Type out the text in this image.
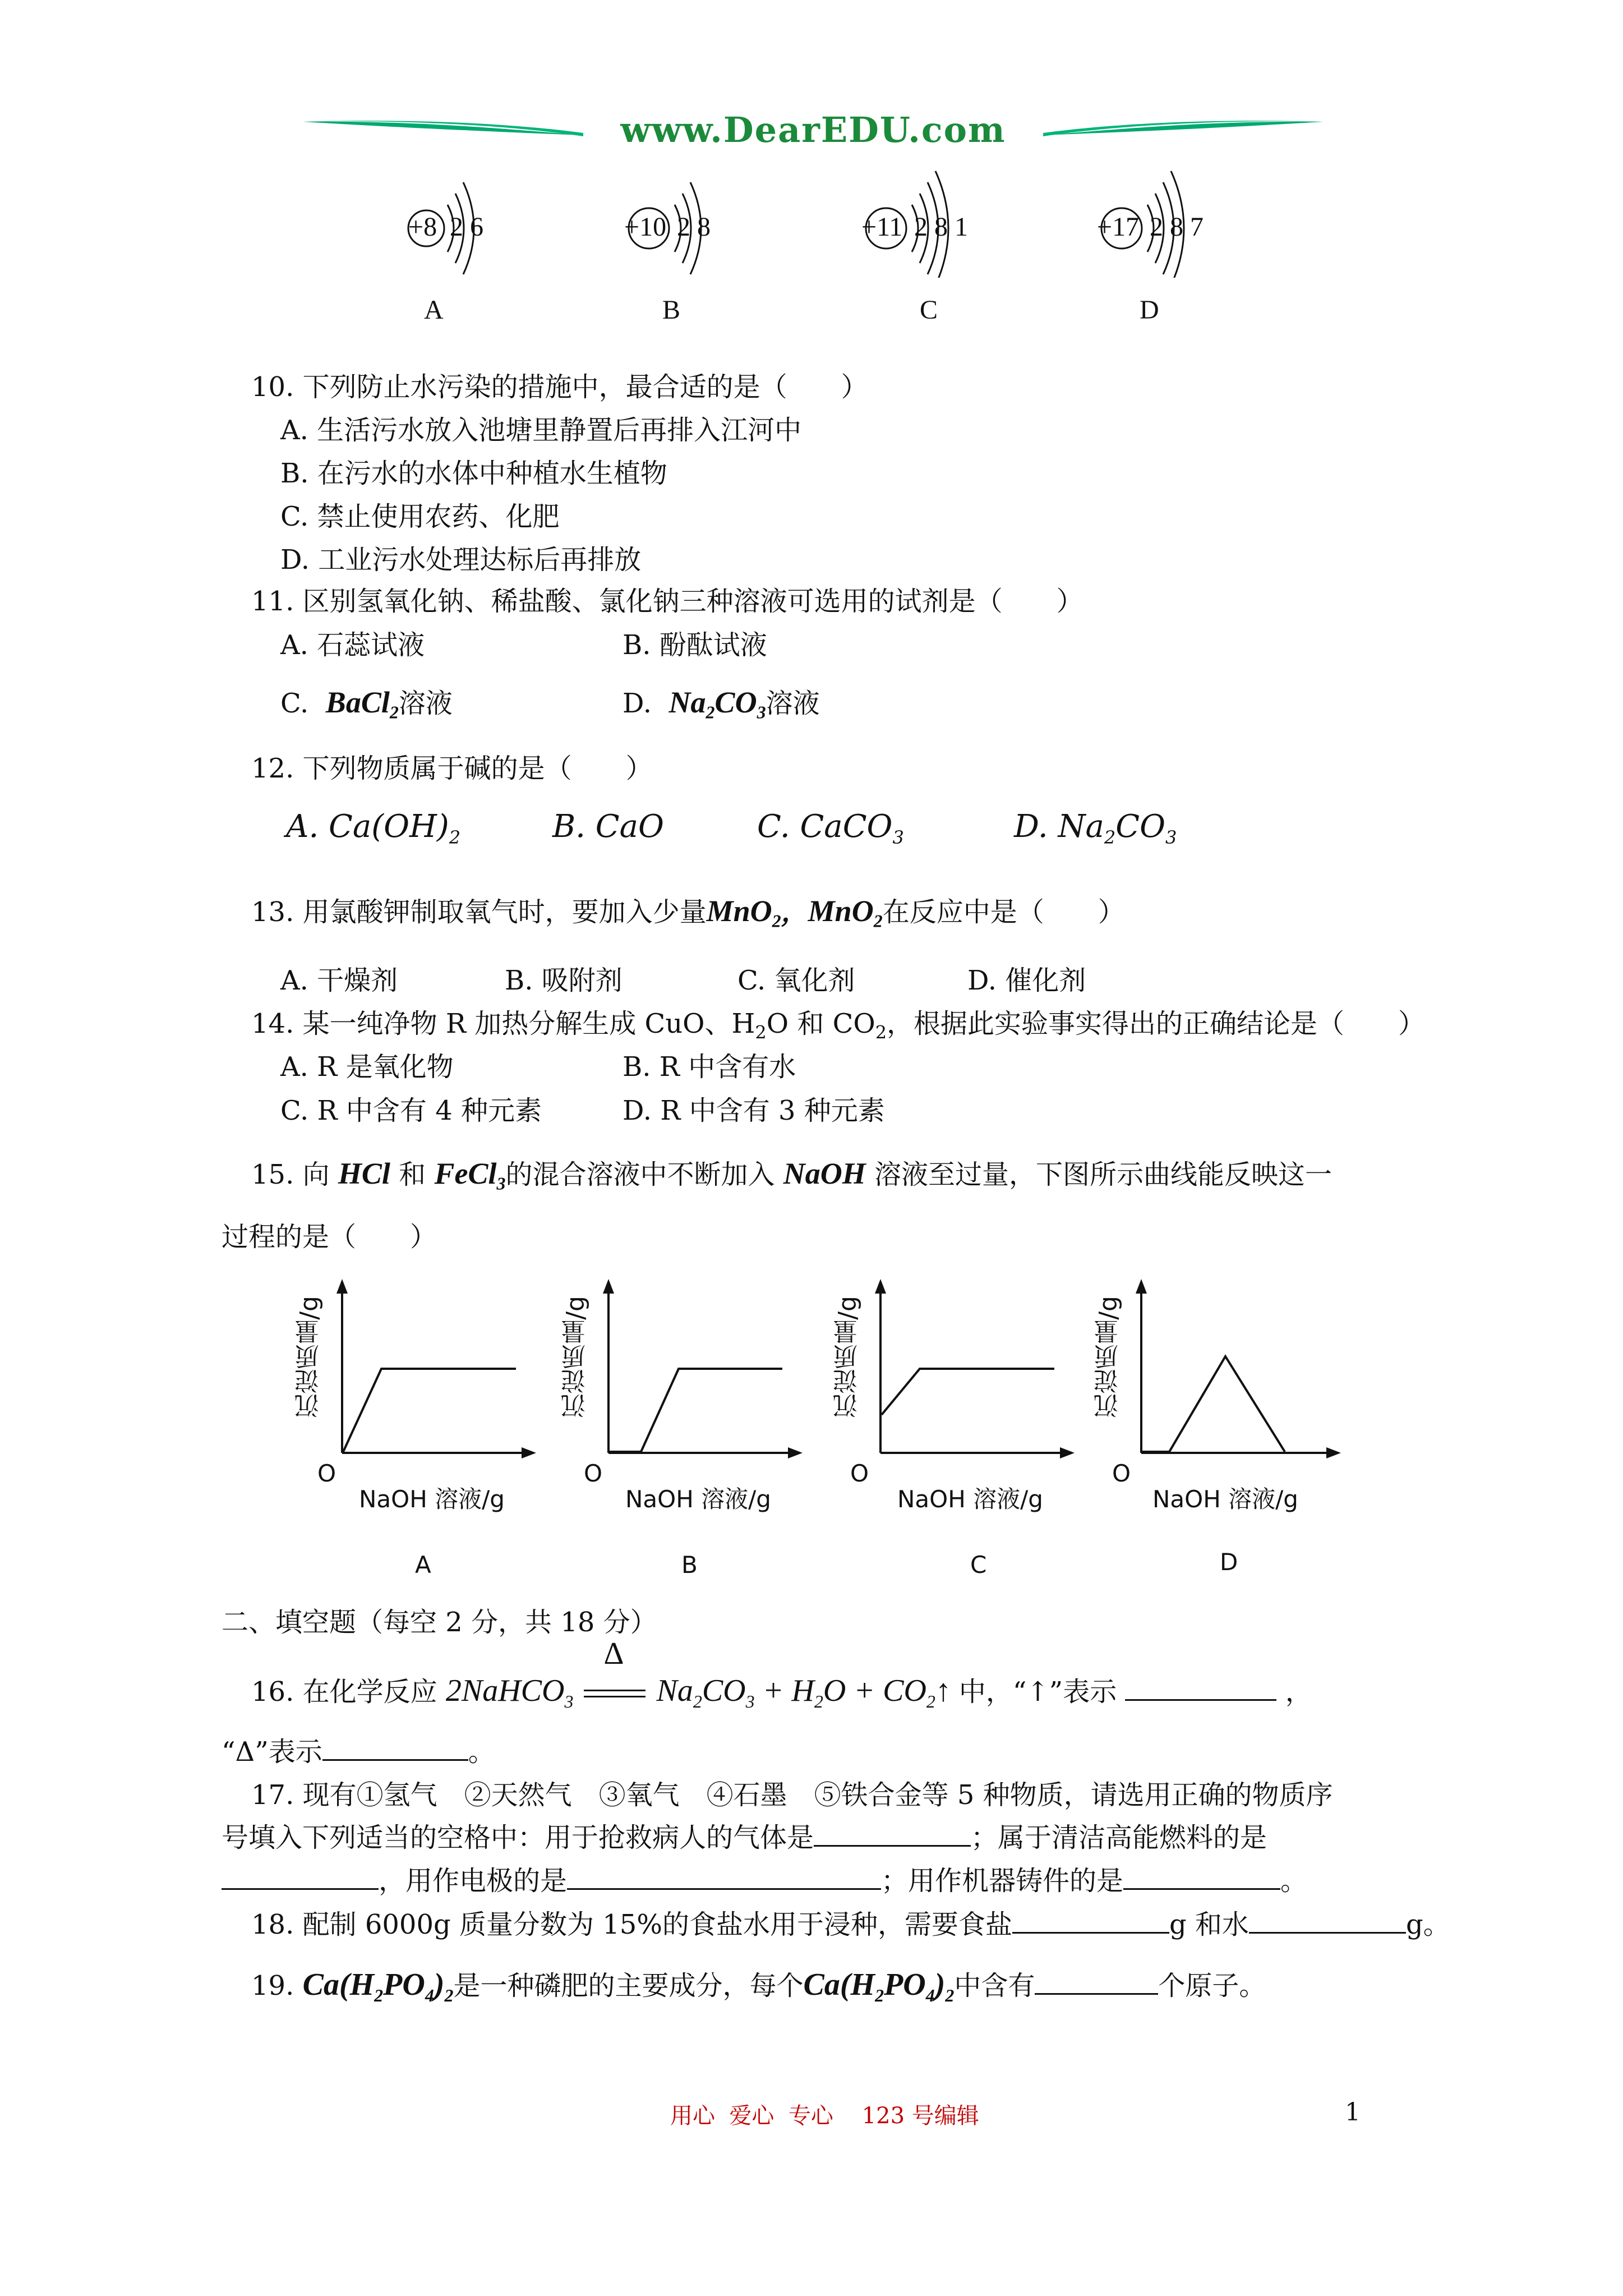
www.DearEDU.com
+8 2 6
A
+10 2 8
B
+11 2 8 1
C
+17 2 8 7
D
10. 下列防止水污染的措施中，最合适的是（　　）
A. 生活污水放入池塘里静置后再排入江河中
B. 在污水的水体中种植水生植物
C. 禁止使用农药、化肥
D. 工业污水处理达标后再排放
11. 区别氢氧化钠、稀盐酸、氯化钠三种溶液可选用的试剂是（　　）
A. 石蕊试液	B. 酚酞试液
C. BaCl$_2$溶液	D. $Na_2CO_3$溶液
12. 下列物质属于碱的是（　　）
A. $Ca(OH)_2$	B. CaO	C. CaCO$_3$	D. $Na_2CO_3$
13. 用氯酸钾制取氧气时，要加入少量MnO$_2$，MnO$_2$在反应中是（　　）
A. 干燥剂	B. 吸附剂	C. 氧化剂	D. 催化剂
14. 某一纯净物 R 加热分解生成 CuO、$H_2O$ 和 $CO_2$，根据此实验事实得出的正确结论是（　　）
A. R 是氧化物	B. R 中含有水
C. R 中含有 4 种元素	D. R 中含有 3 种元素
15. 向 HCl 和 FeCl$_3$的混合溶液中不断加入 NaOH 溶液至过量，下图所示曲线能反映这一
过程的是（　　）
沉淀质量/g
O
NaOH 溶液/g
A
沉淀质量/g
O
NaOH 溶液/g
B
沉淀质量/g
O
NaOH 溶液/g
C
沉淀质量/g
O
NaOH 溶液/g
D
二、填空题（每空 2 分，共 18 分）
16. 在化学反应 2NaHCO$_3$
Δ
$Na_2CO_3 + H_2O$ + $CO_2↑$ 中，“↑”表示	，
“Δ”表示	。
17. 现有①氢气　②天然气　③氧气　④石墨　⑤铁合金等 5 种物质，请选用正确的物质序
号填入下列适当的空格中：用于抢救病人的气体是	；属于清洁高能燃料的是
，用作电极的是	；用作机器铸件的是	。
18. 配制 6000g 质量分数为 15%的食盐水用于浸种，需要食盐	g 和水	g。
19. $Ca(H_2PO_4)_2$是一种磷肥的主要成分，每个$Ca(H_2PO_4)_2$中含有	个原子。
用心  爱心  专心    123 号编辑	1
